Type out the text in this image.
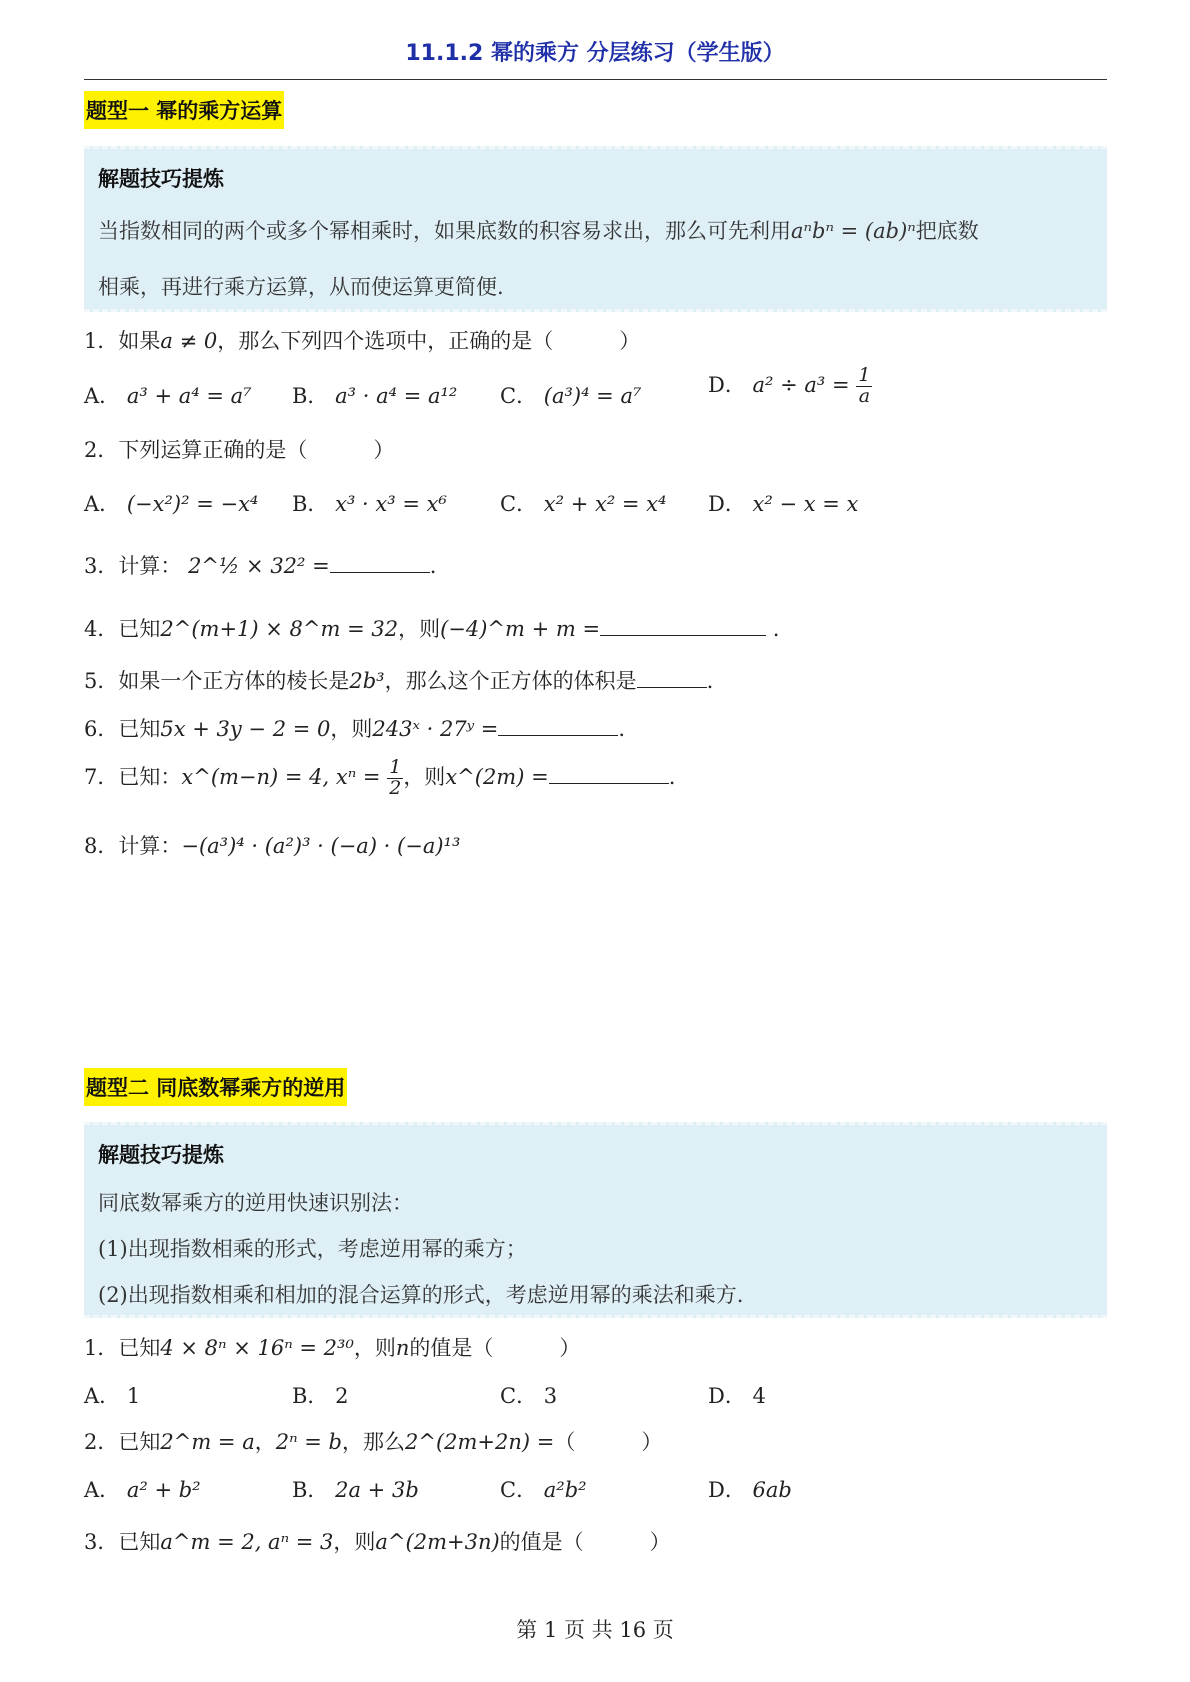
11.1.2 幂的乘方 分层练习（学生版）
题型一 幂的乘方运算
解题技巧提炼
当指数相同的两个或多个幂相乘时，如果底数的积容易求出，那么可先利用aⁿbⁿ = (ab)ⁿ把底数
相乘，再进行乘方运算，从而使运算更简便.
1．如果a ≠ 0，那么下列四个选项中，正确的是（	）
A． a³ + a⁴ = a⁷ B． a³ · a⁴ = a¹² C． (a³)⁴ = a⁷	D． $a^2 \div a^3 = \frac{1}{a}$
2．下列运算正确的是（	）
A． (−x²)² = −x⁴ B． x³ · x³ = x⁶	C． x² + x² = x⁴ D． x² − x = x
3．计算： 2^½ × 32² =	.
4．已知2^(m+1) × 8^m = 32，则(−4)^m + m =	.
5．如果一个正方体的棱长是2b³，那么这个正方体的体积是	.
6．已知5x + 3y − 2 = 0，则243ˣ · 27ʸ =	.
7．已知：x^(m−n) = 4, $x^n = \frac{1}{2}$ ，则x^(2m) =	.
8．计算：−(a³)⁴ · (a²)³ · (−a) · (−a)¹³
题型二 同底数幂乘方的逆用
解题技巧提炼
同底数幂乘方的逆用快速识别法：
(1)出现指数相乘的形式，考虑逆用幂的乘方；
(2)出现指数相乘和相加的混合运算的形式，考虑逆用幂的乘法和乘方.
1．已知4 × 8ⁿ × 16ⁿ = 2³⁰，则n的值是（	）
A． 1	B． 2	C． 3	D． 4
2．已知2^m = a，2ⁿ = b，那么2^(2m+2n) =（	）
A． a² + b²	B． 2a + 3b	C． a²b²	D． 6ab
3．已知a^m = 2, aⁿ = 3，则a^(2m+3n)的值是（	）
第 1 页 共 16 页
